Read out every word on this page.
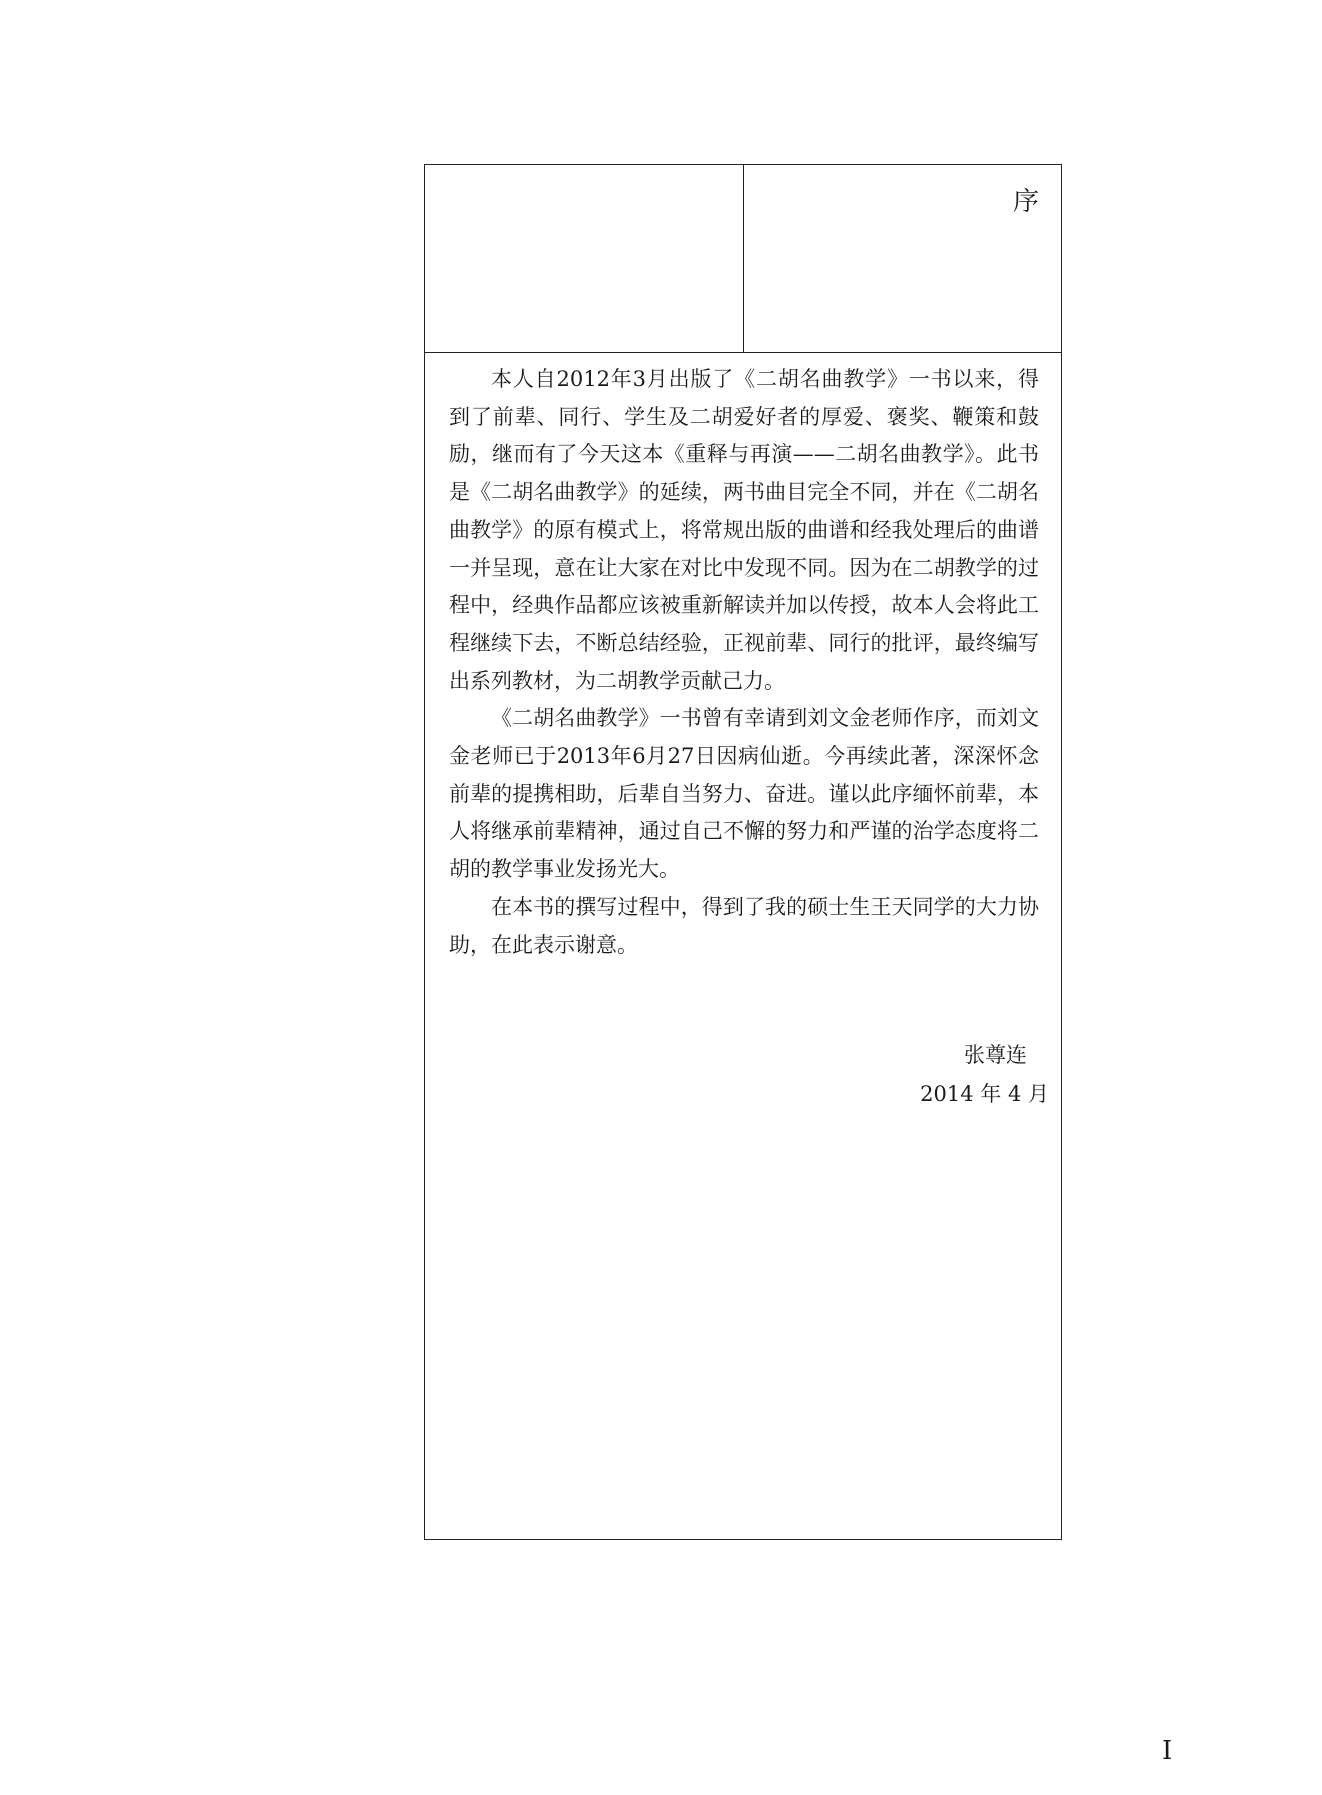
序

本人自2012年3月出版了《二胡名曲教学》一书以来，得到了前辈、同行、学生及二胡爱好者的厚爱、褒奖、鞭策和鼓励，继而有了今天这本《重释与再演——二胡名曲教学》。此书是《二胡名曲教学》的延续，两书曲目完全不同，并在《二胡名曲教学》的原有模式上，将常规出版的曲谱和经我处理后的曲谱一并呈现，意在让大家在对比中发现不同。因为在二胡教学的过程中，经典作品都应该被重新解读并加以传授，故本人会将此工程继续下去，不断总结经验，正视前辈、同行的批评，最终编写出系列教材，为二胡教学贡献己力。

《二胡名曲教学》一书曾有幸请到刘文金老师作序，而刘文金老师已于2013年6月27日因病仙逝。今再续此著，深深怀念前辈的提携相助，后辈自当努力、奋进。谨以此序缅怀前辈，本人将继承前辈精神，通过自己不懈的努力和严谨的治学态度将二胡的教学事业发扬光大。

在本书的撰写过程中，得到了我的硕士生王天同学的大力协助，在此表示谢意。

张尊连
2014 年 4 月
I
